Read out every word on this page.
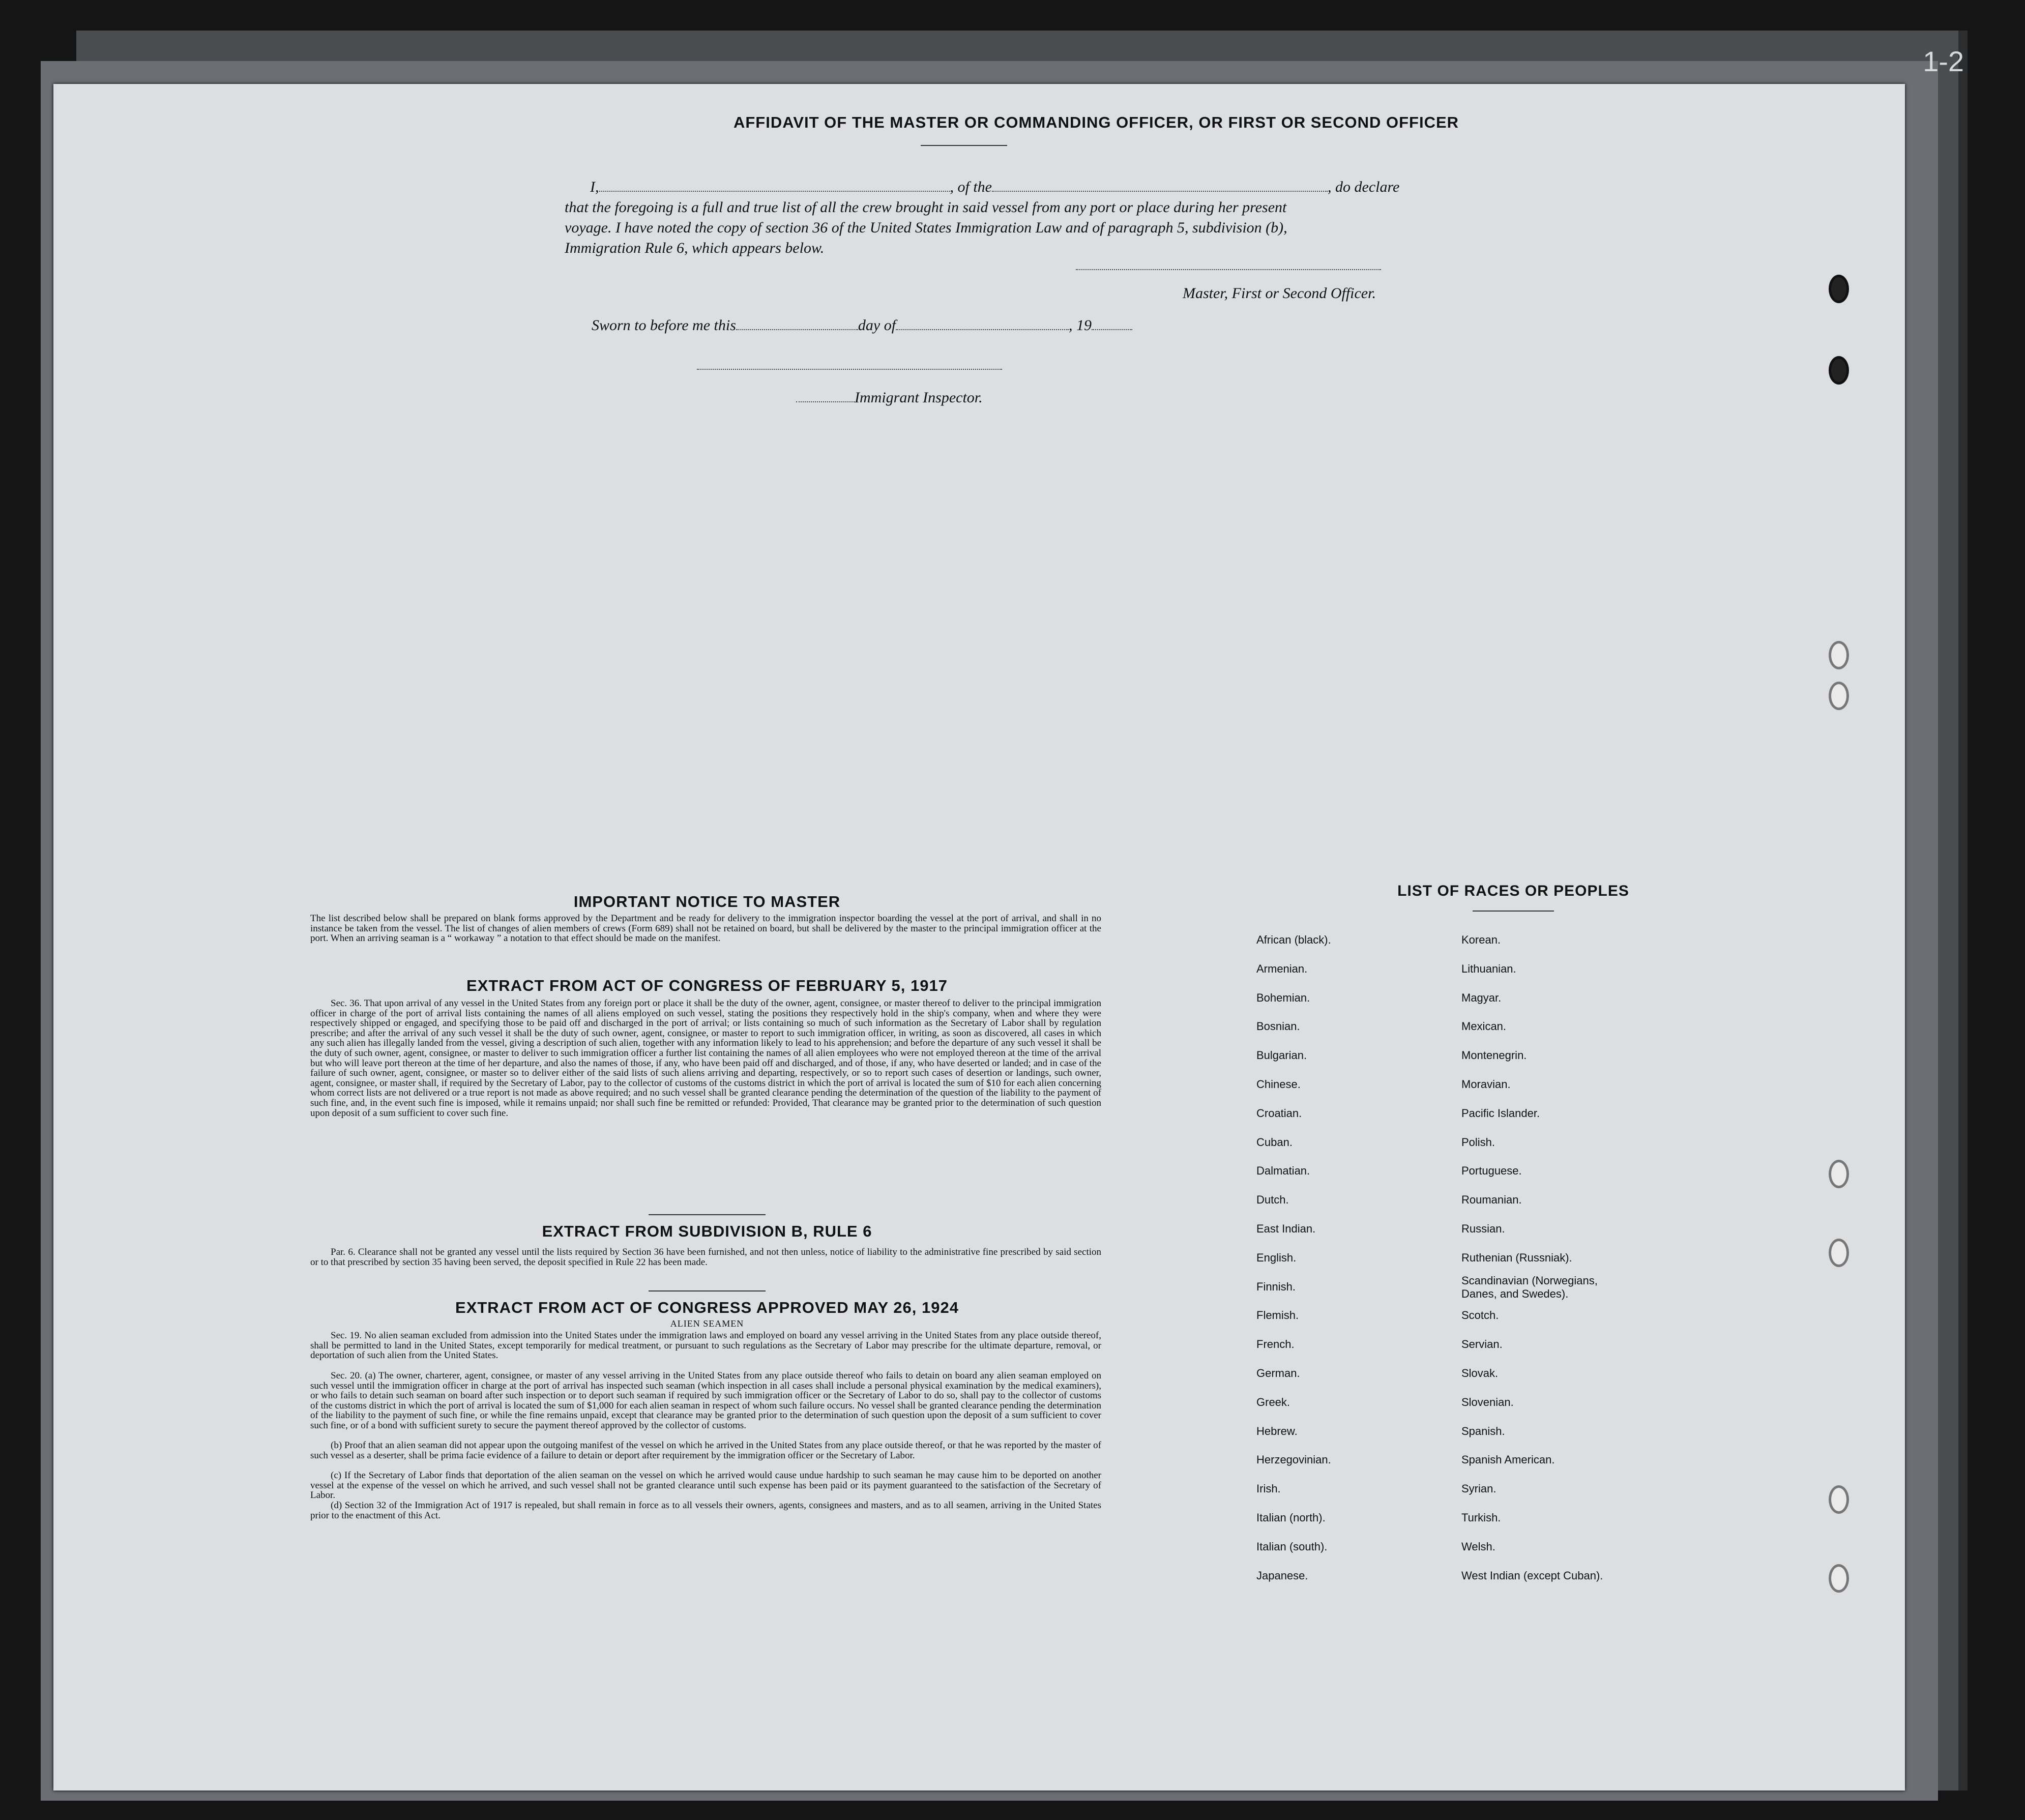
1-2
AFFIDAVIT OF THE MASTER OR COMMANDING OFFICER, OR FIRST OR SECOND OFFICER
I,	, of the	, do declare
that the foregoing is a full and true list of all the crew brought in said vessel from any port or place during her present
voyage. I have noted the copy of section 36 of the United States Immigration Law and of paragraph 5, subdivision (b),
Immigration Rule 6, which appears below.
Master, First or Second Officer.
Sworn to before me this	day of	, 19
Immigrant Inspector.
IMPORTANT NOTICE TO MASTER
The list described below shall be prepared on blank forms approved by the Department and be ready for delivery to the immigration inspector boarding the vessel at the port of arrival, and shall in no instance be taken from the vessel. The list of changes of alien members of crews (Form 689) shall not be retained on board, but shall be delivered by the master to the principal immigration officer at the port. When an arriving seaman is a “ workaway ” a notation to that effect should be made on the manifest.
EXTRACT FROM ACT OF CONGRESS OF FEBRUARY 5, 1917
Sec. 36. That upon arrival of any vessel in the United States from any foreign port or place it shall be the duty of the owner, agent, consignee, or master thereof to deliver to the principal immigration officer in charge of the port of arrival lists containing the names of all aliens employed on such vessel, stating the positions they respectively hold in the ship's company, when and where they were respectively shipped or engaged, and specifying those to be paid off and discharged in the port of arrival; or lists containing so much of such information as the Secretary of Labor shall by regulation prescribe; and after the arrival of any such vessel it shall be the duty of such owner, agent, consignee, or master to report to such immigration officer, in writing, as soon as discovered, all cases in which any such alien has illegally landed from the vessel, giving a description of such alien, together with any information likely to lead to his apprehension; and before the departure of any such vessel it shall be the duty of such owner, agent, consignee, or master to deliver to such immigration officer a further list containing the names of all alien employees who were not employed thereon at the time of the arrival but who will leave port thereon at the time of her departure, and also the names of those, if any, who have been paid off and discharged, and of those, if any, who have deserted or landed; and in case of the failure of such owner, agent, consignee, or master so to deliver either of the said lists of such aliens arriving and departing, respectively, or so to report such cases of desertion or landings, such owner, agent, consignee, or master shall, if required by the Secretary of Labor, pay to the collector of customs of the customs district in which the port of arrival is located the sum of $10 for each alien concerning whom correct lists are not delivered or a true report is not made as above required; and no such vessel shall be granted clearance pending the determination of the question of the liability to the payment of such fine, and, in the event such fine is imposed, while it remains unpaid; nor shall such fine be remitted or refunded: Provided, That clearance may be granted prior to the determination of such question upon deposit of a sum sufficient to cover such fine.
EXTRACT FROM SUBDIVISION B, RULE 6
Par. 6. Clearance shall not be granted any vessel until the lists required by Section 36 have been furnished, and not then unless, notice of liability to the administrative fine prescribed by said section or to that prescribed by section 35 having been served, the deposit specified in Rule 22 has been made.
EXTRACT FROM ACT OF CONGRESS APPROVED MAY 26, 1924
ALIEN SEAMEN
Sec. 19. No alien seaman excluded from admission into the United States under the immigration laws and employed on board any vessel arriving in the United States from any place outside thereof, shall be permitted to land in the United States, except temporarily for medical treatment, or pursuant to such regulations as the Secretary of Labor may prescribe for the ultimate departure, removal, or deportation of such alien from the United States.
Sec. 20. (a) The owner, charterer, agent, consignee, or master of any vessel arriving in the United States from any place outside thereof who fails to detain on board any alien seaman employed on such vessel until the immigration officer in charge at the port of arrival has inspected such seaman (which inspection in all cases shall include a personal physical examination by the medical examiners), or who fails to detain such seaman on board after such inspection or to deport such seaman if required by such immigration officer or the Secretary of Labor to do so, shall pay to the collector of customs of the customs district in which the port of arrival is located the sum of $1,000 for each alien seaman in respect of whom such failure occurs. No vessel shall be granted clearance pending the determination of the liability to the payment of such fine, or while the fine remains unpaid, except that clearance may be granted prior to the determination of such question upon the deposit of a sum sufficient to cover such fine, or of a bond with sufficient surety to secure the payment thereof approved by the collector of customs.
(b) Proof that an alien seaman did not appear upon the outgoing manifest of the vessel on which he arrived in the United States from any place outside thereof, or that he was reported by the master of such vessel as a deserter, shall be prima facie evidence of a failure to detain or deport after requirement by the immigration officer or the Secretary of Labor.
(c) If the Secretary of Labor finds that deportation of the alien seaman on the vessel on which he arrived would cause undue hardship to such seaman he may cause him to be deported on another vessel at the expense of the vessel on which he arrived, and such vessel shall not be granted clearance until such expense has been paid or its payment guaranteed to the satisfaction of the Secretary of Labor.
(d) Section 32 of the Immigration Act of 1917 is repealed, but shall remain in force as to all vessels their owners, agents, consignees and masters, and as to all seamen, arriving in the United States prior to the enactment of this Act.
LIST OF RACES OR PEOPLES
African (black).
Armenian.
Bohemian.
Bosnian.
Bulgarian.
Chinese.
Croatian.
Cuban.
Dalmatian.
Dutch.
East Indian.
English.
Finnish.
Flemish.
French.
German.
Greek.
Hebrew.
Herzegovinian.
Irish.
Italian (north).
Italian (south).
Japanese.
Korean.
Lithuanian.
Magyar.
Mexican.
Montenegrin.
Moravian.
Pacific Islander.
Polish.
Portuguese.
Roumanian.
Russian.
Ruthenian (Russniak).
Scandinavian (Norwegians, Danes, and Swedes).
Scotch.
Servian.
Slovak.
Slovenian.
Spanish.
Spanish American.
Syrian.
Turkish.
Welsh.
West Indian (except Cuban).
